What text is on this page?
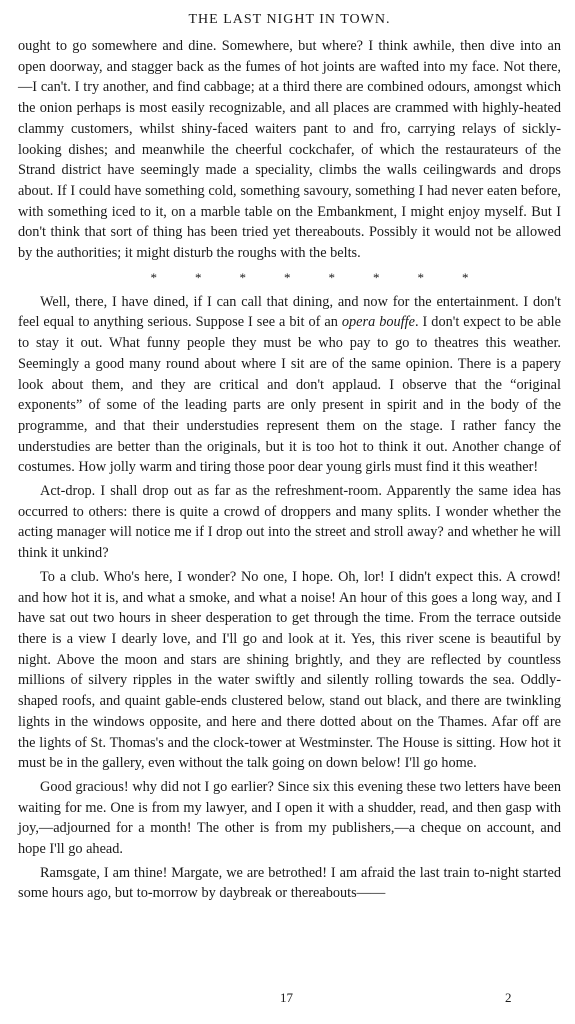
THE LAST NIGHT IN TOWN.

ought to go somewhere and dine. Somewhere, but where? I think awhile, then dive into an open doorway, and stagger back as the fumes of hot joints are wafted into my face. Not there,—I can't. I try another, and find cabbage; at a third there are combined odours, amongst which the onion perhaps is most easily recognizable, and all places are crammed with highly-heated clammy customers, whilst shiny-faced waiters pant to and fro, carrying relays of sickly-looking dishes; and meanwhile the cheerful cockchafer, of which the restaurateurs of the Strand district have seemingly made a speciality, climbs the walls ceilingwards and drops about. If I could have something cold, something savoury, something I had never eaten before, with something iced to it, on a marble table on the Embankment, I might enjoy myself. But I don't think that sort of thing has been tried yet thereabouts. Possibly it would not be allowed by the authorities; it might disturb the roughs with the belts.

*	*	*	*	*	*	*	*

Well, there, I have dined, if I can call that dining, and now for the entertainment. I don't feel equal to anything serious. Suppose I see a bit of an opera bouffe. I don't expect to be able to stay it out. What funny people they must be who pay to go to theatres this weather. Seemingly a good many round about where I sit are of the same opinion. There is a papery look about them, and they are critical and don't applaud. I observe that the “original exponents” of some of the leading parts are only present in spirit and in the body of the programme, and that their understudies represent them on the stage. I rather fancy the understudies are better than the originals, but it is too hot to think it out. Another change of costumes. How jolly warm and tiring those poor dear young girls must find it this weather!

Act-drop. I shall drop out as far as the refreshment-room. Apparently the same idea has occurred to others: there is quite a crowd of droppers and many splits. I wonder whether the acting manager will notice me if I drop out into the street and stroll away? and whether he will think it unkind?

To a club. Who's here, I wonder? No one, I hope. Oh, lor! I didn't expect this. A crowd! and how hot it is, and what a smoke, and what a noise! An hour of this goes a long way, and I have sat out two hours in sheer desperation to get through the time. From the terrace outside there is a view I dearly love, and I'll go and look at it. Yes, this river scene is beautiful by night. Above the moon and stars are shining brightly, and they are reflected by countless millions of silvery ripples in the water swiftly and silently rolling towards the sea. Oddly-shaped roofs, and quaint gable-ends clustered below, stand out black, and there are twinkling lights in the windows opposite, and here and there dotted about on the Thames. Afar off are the lights of St. Thomas's and the clock-tower at Westminster. The House is sitting. How hot it must be in the gallery, even without the talk going on down below! I'll go home.

Good gracious! why did not I go earlier? Since six this evening these two letters have been waiting for me. One is from my lawyer, and I open it with a shudder, read, and then gasp with joy,—adjourned for a month! The other is from my publishers,—a cheque on account, and hope I'll go ahead.

Ramsgate, I am thine! Margate, we are betrothed! I am afraid the last train to-night started some hours ago, but to-morrow by daybreak or thereabouts——

17	2
